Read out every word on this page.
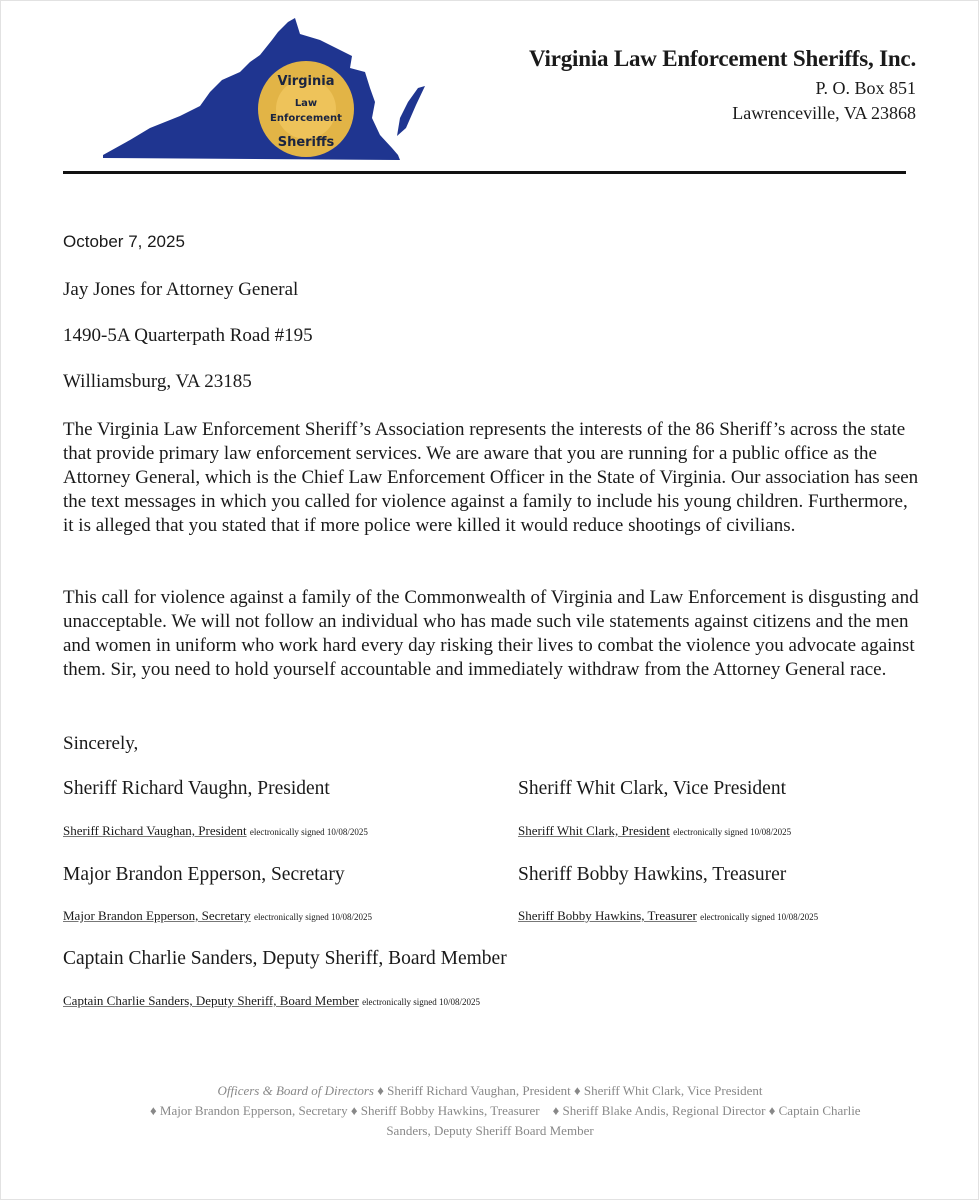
Virginia
Law
Enforcement
Sheriffs
Virginia Law Enforcement Sheriffs, Inc.
P. O. Box 851
Lawrenceville, VA 23868
October 7, 2025
Jay Jones for Attorney General
1490-5A Quarterpath Road #195
Williamsburg, VA 23185

The Virginia Law Enforcement Sheriff’s Association represents the interests of the 86 Sheriff’s across the state that provide primary law enforcement services. We are aware that you are running for a public office as the Attorney General, which is the Chief Law Enforcement Officer in the State of Virginia. Our association has seen the text messages in which you called for violence against a family to include his young children. Furthermore, it is alleged that you stated that if more police were killed it would reduce shootings of civilians.

This call for violence against a family of the Commonwealth of Virginia and Law Enforcement is disgusting and unacceptable. We will not follow an individual who has made such vile statements against citizens and the men and women in uniform who work hard every day risking their lives to combat the violence you advocate against them. Sir, you need to hold yourself accountable and immediately withdraw from the Attorney General race.

Sincerely,
Sheriff Richard Vaughn, President
Sheriff Richard Vaughan, President electronically signed 10/08/2025
Sheriff Whit Clark, Vice President
Sheriff Whit Clark, President electronically signed 10/08/2025
Major Brandon Epperson, Secretary
Major Brandon Epperson, Secretary electronically signed 10/08/2025
Sheriff Bobby Hawkins, Treasurer
Sheriff Bobby Hawkins, Treasurer electronically signed 10/08/2025
Captain Charlie Sanders, Deputy Sheriff, Board Member
Captain Charlie Sanders, Deputy Sheriff, Board Member electronically signed 10/08/2025
Officers & Board of Directors ♦ Sheriff Richard Vaughan, President ♦ Sheriff Whit Clark, Vice President
♦ Major Brandon Epperson, Secretary ♦ Sheriff Bobby Hawkins, Treasurer    ♦ Sheriff Blake Andis, Regional Director ♦ Captain Charlie
Sanders, Deputy Sheriff Board Member
